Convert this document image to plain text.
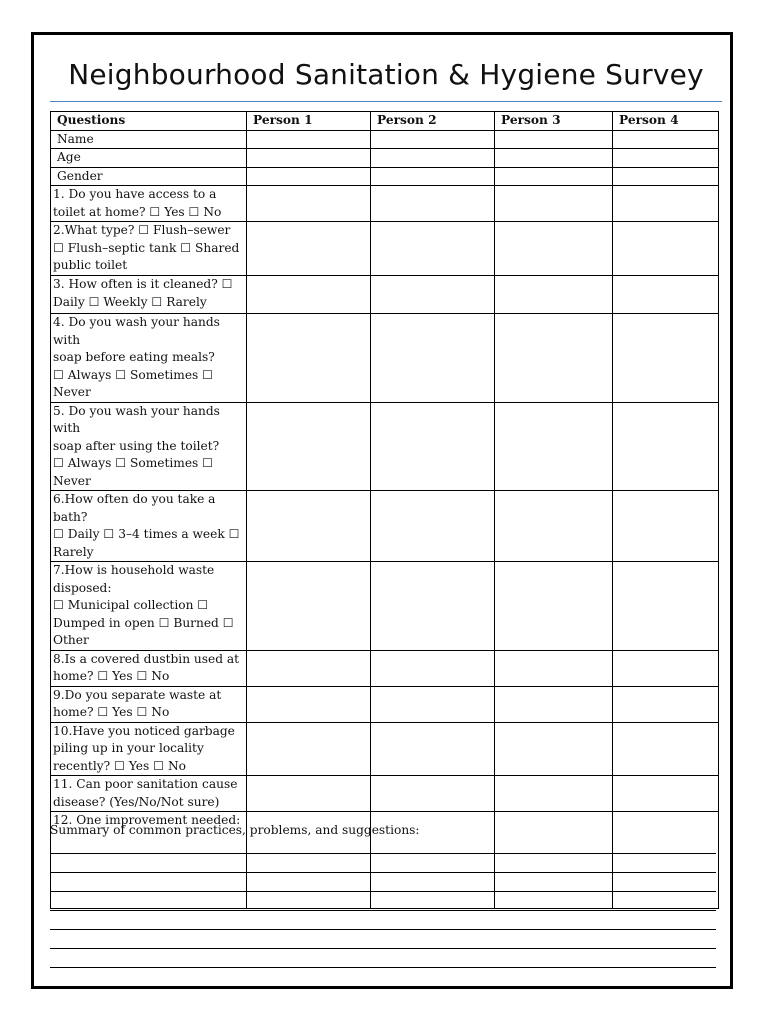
Neighbourhood Sanitation & Hygiene Survey
Questions	Person 1	Person 2	Person 3	Person 4
Name				
Age				
Gender				
1. Do you have access to a
toilet at home? ☐ Yes ☐ No				
2.What type? ☐ Flush–sewer
☐ Flush–septic tank ☐ Shared
public toilet				
3. How often is it cleaned? ☐
Daily ☐ Weekly ☐ Rarely				
4. Do you wash your hands with
soap before eating meals?
☐ Always ☐ Sometimes ☐ Never				
5. Do you wash your hands with
soap after using the toilet?
☐ Always ☐ Sometimes ☐ Never				
6.How often do you take a bath?
☐ Daily ☐ 3–4 times a week ☐
Rarely				
7.How is household waste
disposed:
☐ Municipal collection ☐
Dumped in open ☐ Burned ☐
Other				
8.Is a covered dustbin used at
home? ☐ Yes ☐ No				
9.Do you separate waste at
home? ☐ Yes ☐ No				
10.Have you noticed garbage
piling up in your locality
recently? ☐ Yes ☐ No				
11. Can poor sanitation cause
disease? (Yes/No/Not sure)				
12. One improvement needed:				
Summary of common practices, problems, and suggestions:
